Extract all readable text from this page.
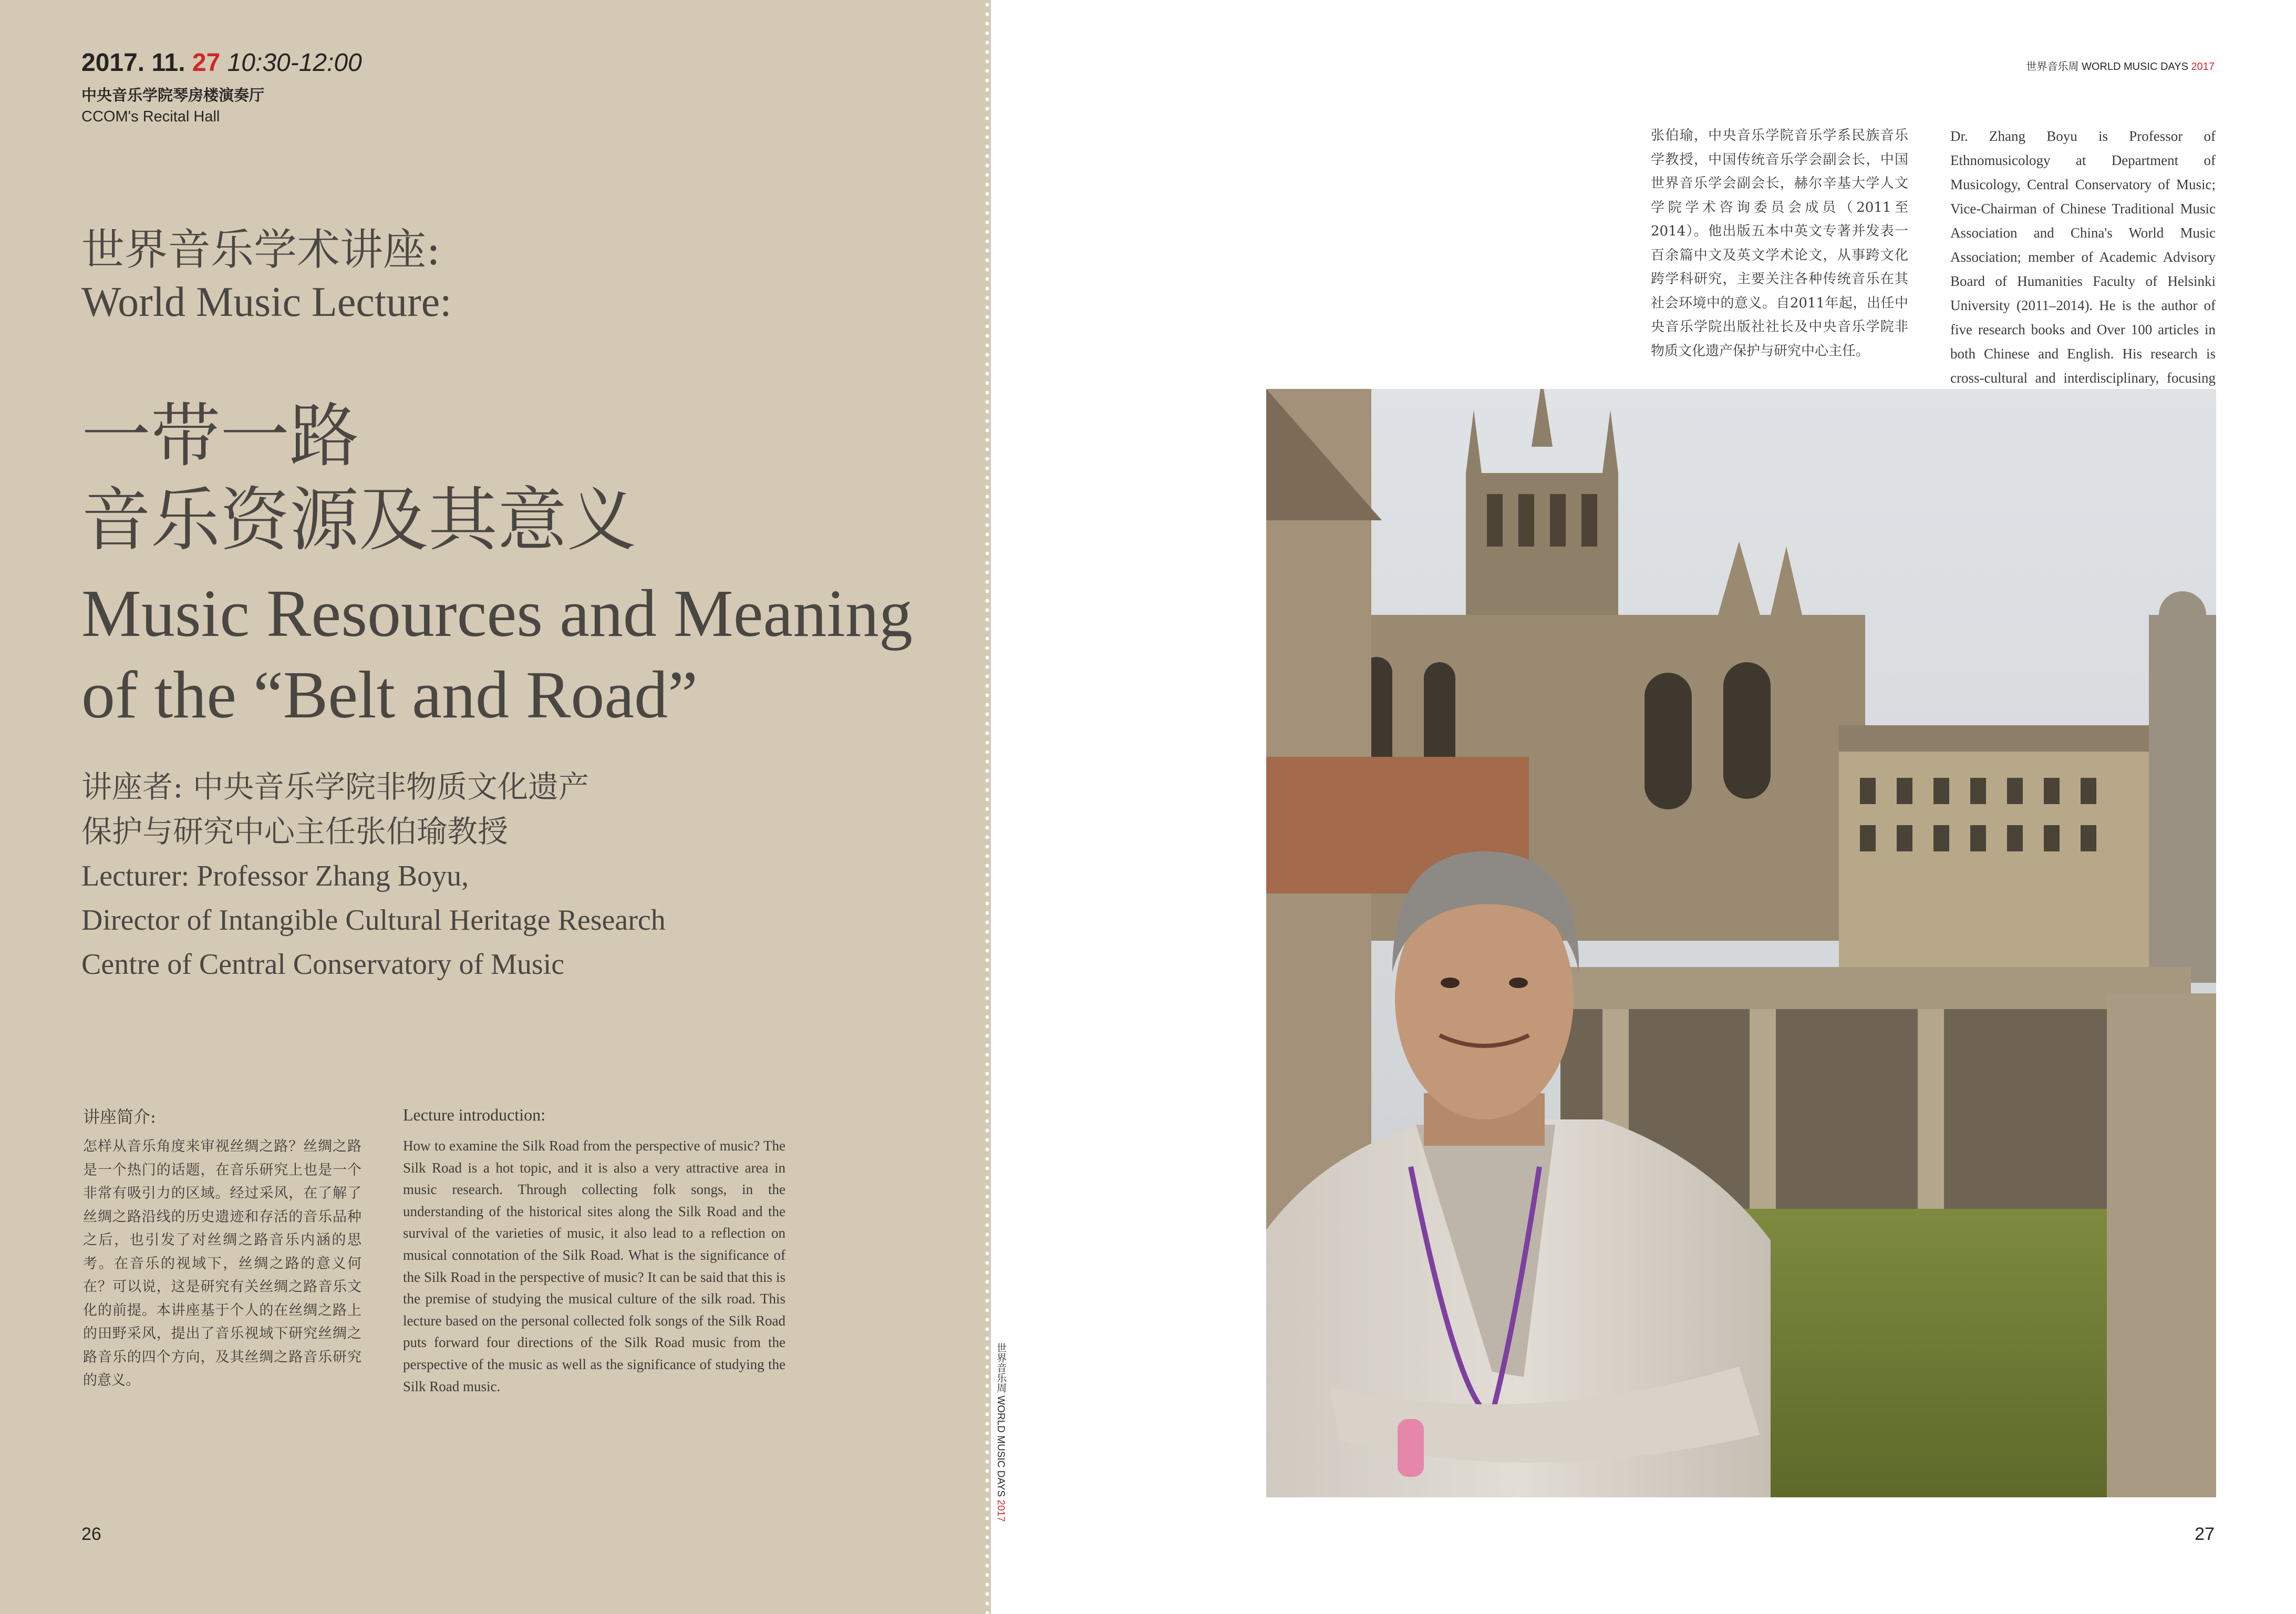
2017. 11. 27 10:30-12:00
中央音乐学院琴房楼演奏厅
CCOM's Recital Hall
世界音乐学术讲座:
World Music Lecture:
一带一路
音乐资源及其意义
Music Resources and Meaning
of the “Belt and Road”
讲座者: 中央音乐学院非物质文化遗产
保护与研究中心主任张伯瑜教授
Lecturer: Professor Zhang Boyu,
Director of Intangible Cultural Heritage Research
Centre of Central Conservatory of Music
讲座简介:
怎样从音乐角度来审视丝绸之路？丝绸之路是一个热门的话题，在音乐研究上也是一个非常有吸引力的区域。经过采风，在了解了丝绸之路沿线的历史遗迹和存活的音乐品种之后，也引发了对丝绸之路音乐内涵的思考。在音乐的视域下，丝绸之路的意义何在？可以说，这是研究有关丝绸之路音乐文化的前提。本讲座基于个人的在丝绸之路上的田野采风，提出了音乐视域下研究丝绸之路音乐的四个方向，及其丝绸之路音乐研究的意义。
Lecture introduction:
How to examine the Silk Road from the perspective of music? The Silk Road is a hot topic, and it is also a very attractive area in music research. Through collecting folk songs, in the understanding of the historical sites along the Silk Road and the survival of the varieties of music, it also lead to a reflection on musical connotation of the Silk Road. What is the significance of the Silk Road in the perspective of music? It can be said that this is the premise of studying the musical culture of the silk road. This lecture based on the personal collected folk songs of the Silk Road puts forward four directions of the Silk Road music from the perspective of the music as well as the significance of studying the Silk Road music.
26	27
世界音乐周 WORLD MUSIC DAYS 2017
世界音乐周 WORLD MUSIC DAYS 2017
张伯瑜，中央音乐学院音乐学系民族音乐学教授，中国传统音乐学会副会长，中国世界音乐学会副会长，赫尔辛基大学人文学院学术咨询委员会成员（2011至2014）。他出版五本中英文专著并发表一百余篇中文及英文学术论文，从事跨文化跨学科研究，主要关注各种传统音乐在其社会环境中的意义。自2011年起，出任中央音乐学院出版社社长及中央音乐学院非物质文化遗产保护与研究中心主任。
Dr. Zhang Boyu is Professor of Ethnomusicology at Department of Musicology, Central Conservatory of Music; Vice-Chairman of Chinese Traditional Music Association and China's World Music Association; member of Academic Advisory Board of Humanities Faculty of Helsinki University (2011–2014). He is the author of five research books and Over 100 articles in both Chinese and English. His research is cross-cultural and interdisciplinary, focusing
